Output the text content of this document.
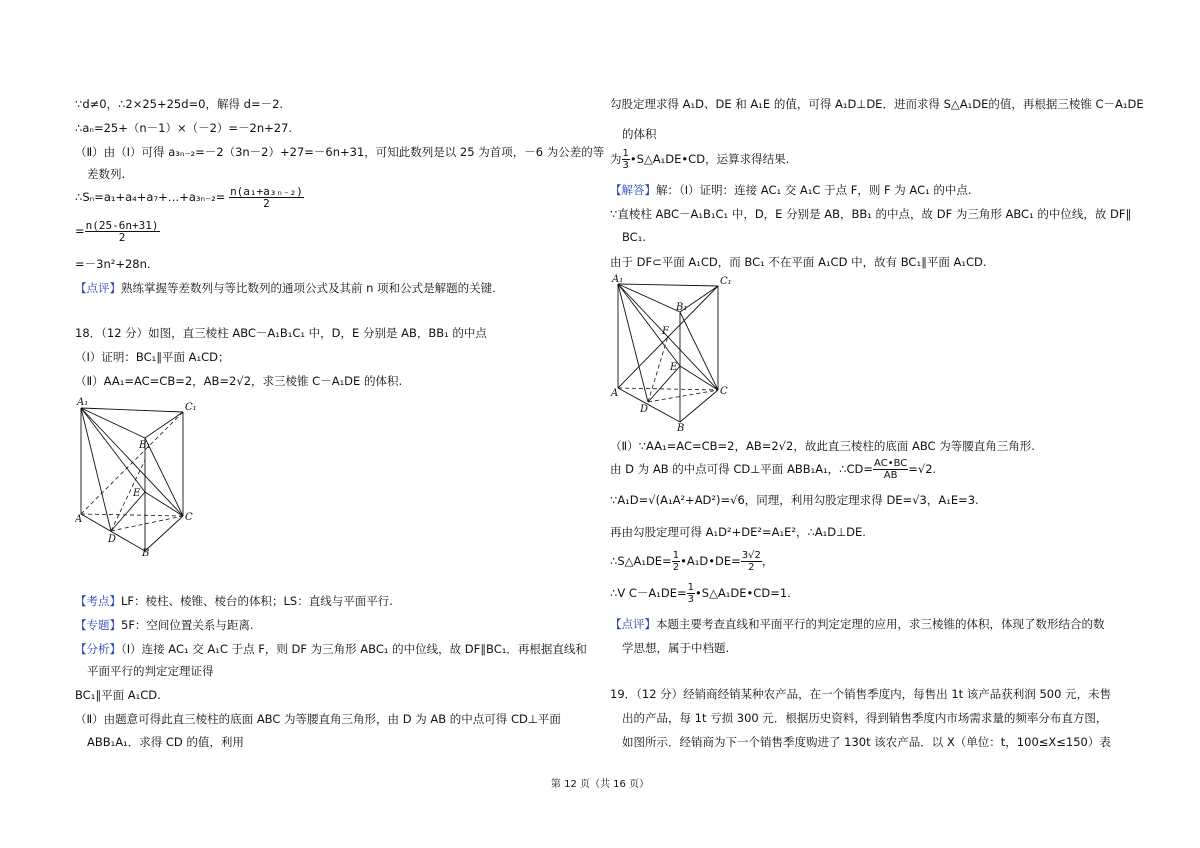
∵d≠0，∴2×25+25d=0，解得 d=－2.
∴aₙ=25+（n－1）×（－2）=－2n+27.
（Ⅱ）由（Ⅰ）可得 a₃ₙ₋₂=－2（3n－2）+27=－6n+31，可知此数列是以 25 为首项，－6 为公差的等
差数列.
∴Sₙ=a₁+a₄+a₇+…+a₃ₙ₋₂= $\frac{\text{n(a₁+a₃ₙ₋₂)}}{2}$
= $\frac{n(25-6n+31)}{2}$
=－3n²+28n.
【点评】熟练掌握等差数列与等比数列的通项公式及其前 n 项和公式是解题的关键.
18．（12 分）如图，直三棱柱 ABC－A₁B₁C₁ 中，D，E 分别是 AB，BB₁ 的中点
（Ⅰ）证明：BC₁∥平面 A₁CD；
（Ⅱ）AA₁=AC=CB=2，AB=2√2，求三棱锥 C－A₁DE 的体积.
A₁	C₁
B₁
E
A	C
D
B
【考点】LF：棱柱、棱锥、棱台的体积；LS：直线与平面平行.
【专题】5F：空间位置关系与距离.
【分析】（Ⅰ）连接 AC₁ 交 A₁C 于点 F，则 DF 为三角形 ABC₁ 的中位线，故 DF∥BC₁．再根据直线和
平面平行的判定定理证得
BC₁∥平面 A₁CD.
（Ⅱ）由题意可得此直三棱柱的底面 ABC 为等腰直角三角形，由 D 为 AB 的中点可得 CD⊥平面
ABB₁A₁．求得 CD 的值，利用
勾股定理求得 A₁D、DE 和 A₁E 的值，可得 A₁D⊥DE．进而求得 S△A₁DE的值，再根据三棱锥 C－A₁DE
的体积
为 $\frac{1}{3}$ •S△A₁DE•CD，运算求得结果.
【解答】解：（Ⅰ）证明：连接 AC₁ 交 A₁C 于点 F，则 F 为 AC₁ 的中点.
∵直棱柱 ABC－A₁B₁C₁ 中，D，E 分别是 AB，BB₁ 的中点，故 DF 为三角形 ABC₁ 的中位线，故 DF∥
BC₁.
由于 DF⊂平面 A₁CD，而 BC₁ 不在平面 A₁CD 中，故有 BC₁∥平面 A₁CD.
A₁	C₁
B₁
F
E
A	C
D
B
（Ⅱ）∵AA₁=AC=CB=2，AB=2√2，故此直三棱柱的底面 ABC 为等腰直角三角形.
由 D 为 AB 的中点可得 CD⊥平面 ABB₁A₁，∴CD= $\frac{AC•BC}{AB} =√2$.
∵A₁D=√(A₁A²+AD²)=√6，同理，利用勾股定理求得 DE=√3，A₁E=3.
再由勾股定理可得 A₁D²+DE²=A₁E²，∴A₁D⊥DE.
∴S△A₁DE= $\frac{1}{2}$ •A₁D•DE= $\frac{3√2}{2}$ ，
∴V $C-A_1DE= \frac{1}{3}$ •S△A₁DE•CD=1.
【点评】本题主要考查直线和平面平行的判定定理的应用，求三棱锥的体积，体现了数形结合的数
学思想，属于中档题.
19．（12 分）经销商经销某种农产品，在一个销售季度内，每售出 1t 该产品获利润 500 元，未售
出的产品，每 1t 亏损 300 元．根据历史资料，得到销售季度内市场需求量的频率分布直方图，
如图所示．经销商为下一个销售季度购进了 130t 该农产品．以 X（单位：t，100≤X≤150）表
第 12 页（共 16 页）
